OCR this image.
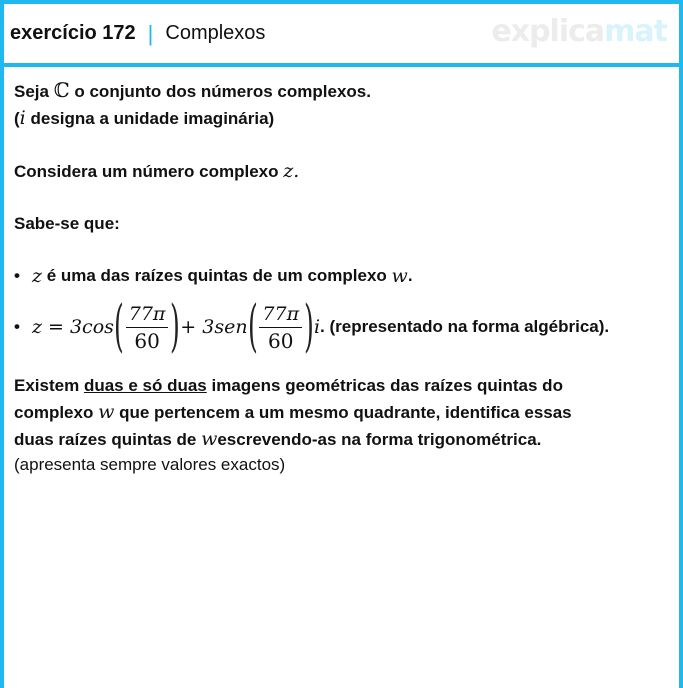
exercício 172 | Complexos	explicamat

Seja ℂ o conjunto dos números complexos.

(i designa a unidade imaginária)

Considera um número complexo z.

Sabe-se que:

• z
é uma das raízes quintas de um complexo
w .

• z = 3cos ( $\frac{77\pi}{60}$ ) + 3sen ( $\frac{77\pi}{60}$ ) i . (representado na forma algébrica).

Existem duas e só duas imagens geométricas das raízes quintas do

complexo w que pertencem a um mesmo quadrante, identifica essas

duas raízes quintas de wescrevendo-as na forma trigonométrica.

(apresenta sempre valores exactos)
